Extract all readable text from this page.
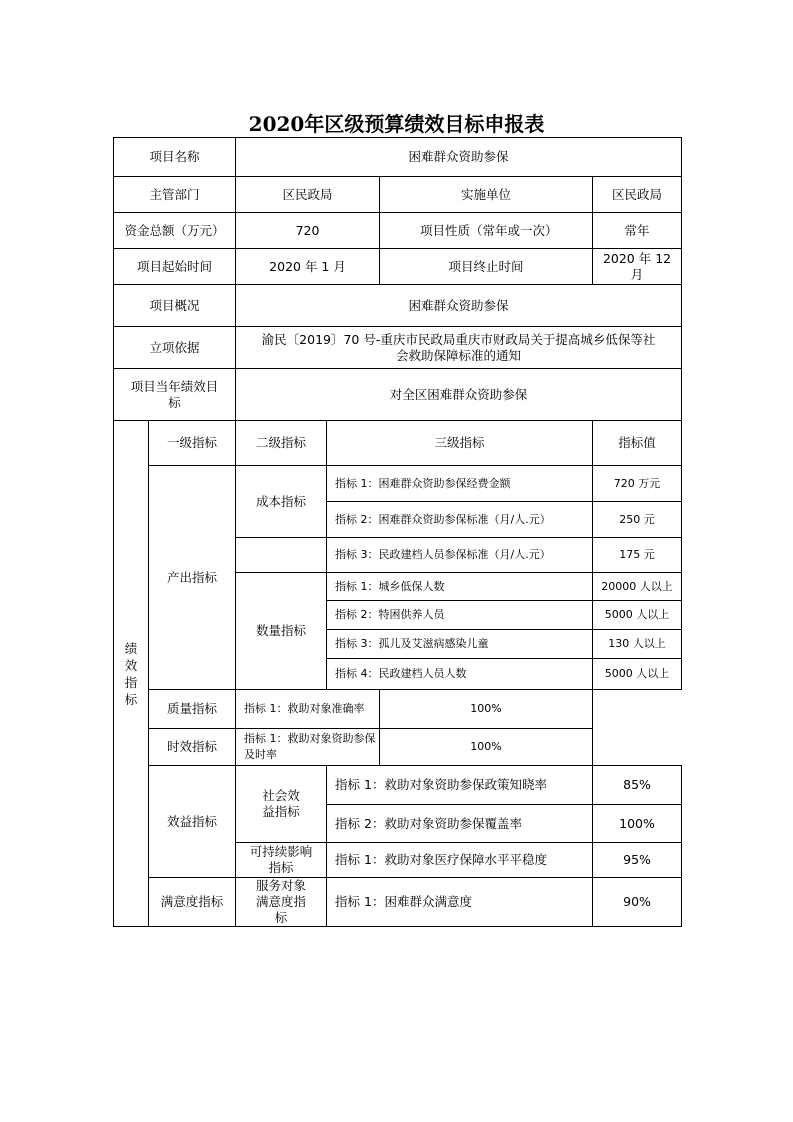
2020年区级预算绩效目标申报表
项目名称		困难群众资助参保			
主管部门		区民政局		实施单位	区民政局
资金总额（万元）		720		项目性质（常年或一次）	常年
项目起始时间		2020 年 1 月		项目终止时间	2020 年 12 月
项目概况		困难群众资助参保			
立项依据		渝民〔2019〕70 号-重庆市民政局重庆市财政局关于提高城乡低保等社会救助保障标准的通知			
项目当年绩效目标		对全区困难群众资助参保			
绩效指标	一级指标	二级指标	三级指标		指标值
	产出指标	成本指标	指标 1：困难群众资助参保经费金额		720 万元
			指标 2：困难群众资助参保标准（月/人.元）		250 元
			指标 3：民政建档人员参保标准（月/人.元）		175 元
		数量指标	指标 1：城乡低保人数		20000 人以上
			指标 2：特困供养人员		5000 人以上
			指标 3：孤儿及艾滋病感染儿童		130 人以上
			指标 4：民政建档人员人数		5000 人以上
	质量指标	指标 1：救助对象准确率		100%	
	时效指标	指标 1：救助对象资助参保及时率		100%	
	效益指标	社会效益指标	指标 1：救助对象资助参保政策知晓率		85%
			指标 2：救助对象资助参保覆盖率		100%
		可持续影响指标	指标 1：救助对象医疗保障水平平稳度		95%
	满意度指标	服务对象满意度指标	指标 1：困难群众满意度		90%
